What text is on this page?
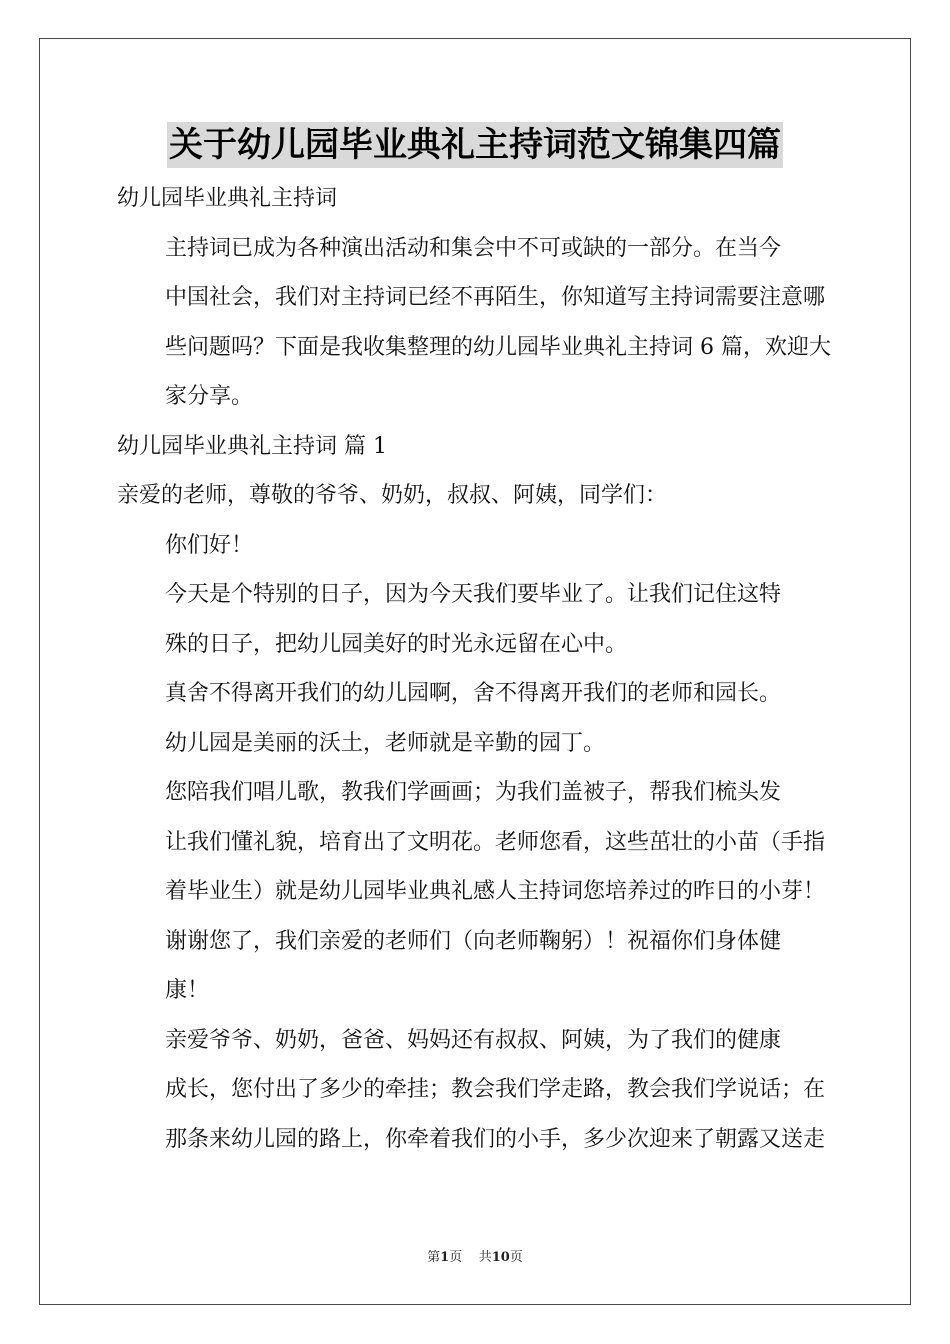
关于幼儿园毕业典礼主持词范文锦集四篇

幼儿园毕业典礼主持词

主持词已成为各种演出活动和集会中不可或缺的一部分。在当今
中国社会，我们对主持词已经不再陌生，你知道写主持词需要注意哪
些问题吗？下面是我收集整理的幼儿园毕业典礼主持词 6 篇，欢迎大
家分享。

幼儿园毕业典礼主持词 篇 1

亲爱的老师，尊敬的爷爷、奶奶，叔叔、阿姨，同学们：

你们好！

今天是个特别的日子，因为今天我们要毕业了。让我们记住这特
殊的日子，把幼儿园美好的时光永远留在心中。

真舍不得离开我们的幼儿园啊，舍不得离开我们的老师和园长。
幼儿园是美丽的沃土，老师就是辛勤的园丁。

您陪我们唱儿歌，教我们学画画；为我们盖被子，帮我们梳头发
让我们懂礼貌，培育出了文明花。老师您看，这些茁壮的小苗（手指
着毕业生）就是幼儿园毕业典礼感人主持词您培养过的昨日的小芽！

谢谢您了，我们亲爱的老师们（向老师鞠躬）！祝福你们身体健
康！

亲爱爷爷、奶奶，爸爸、妈妈还有叔叔、阿姨，为了我们的健康
成长，您付出了多少的牵挂；教会我们学走路，教会我们学说话；在
那条来幼儿园的路上，你牵着我们的小手，多少次迎来了朝露又送走

第1页 共10页
